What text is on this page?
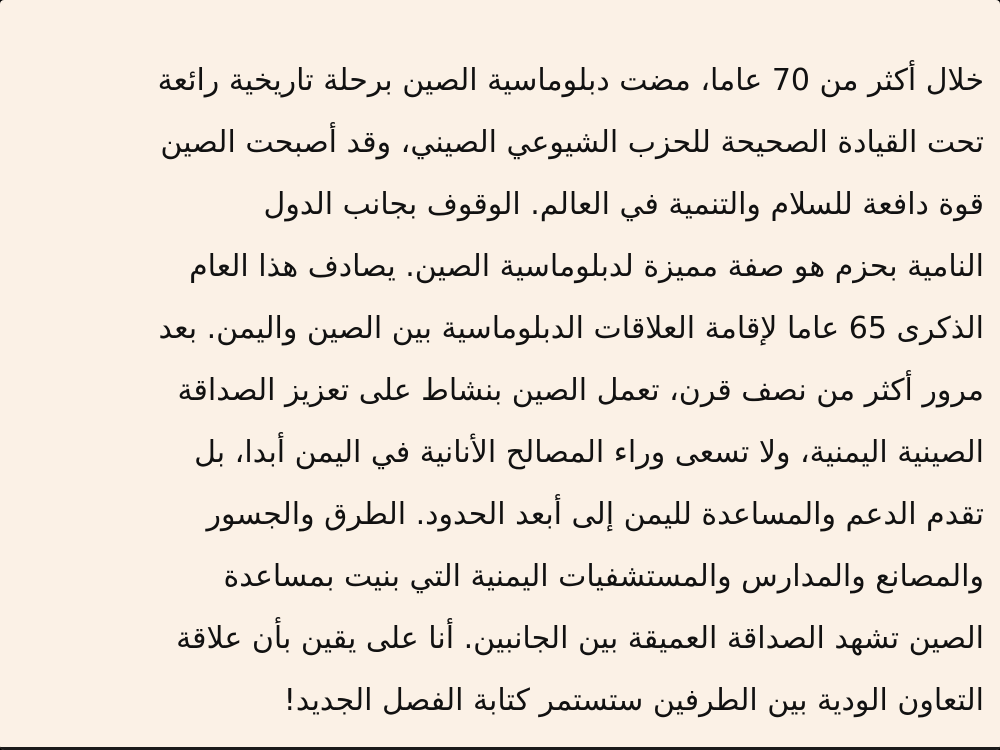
خلال أكثر من 70 عاما، مضت دبلوماسية الصين برحلة تاريخية رائعة
تحت القيادة الصحيحة للحزب الشيوعي الصيني، وقد أصبحت الصين
قوة دافعة للسلام والتنمية في العالم. الوقوف بجانب الدول
النامية بحزم هو صفة مميزة لدبلوماسية الصين. يصادف هذا العام
الذكرى 65 عاما لإقامة العلاقات الدبلوماسية بين الصين واليمن. بعد
مرور أكثر من نصف قرن، تعمل الصين بنشاط على تعزيز الصداقة
الصينية اليمنية، ولا تسعى وراء المصالح الأنانية في اليمن أبدا، بل
تقدم الدعم والمساعدة لليمن إلى أبعد الحدود. الطرق والجسور
والمصانع والمدارس والمستشفيات اليمنية التي بنيت بمساعدة
الصين تشهد الصداقة العميقة بين الجانبين. أنا على يقين بأن علاقة
التعاون الودية بين الطرفين ستستمر كتابة الفصل الجديد!
